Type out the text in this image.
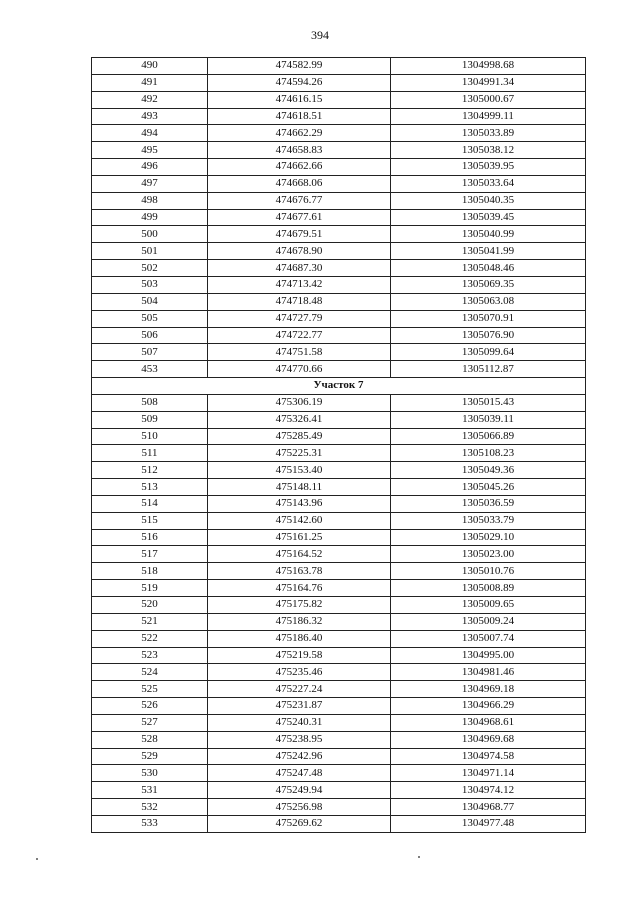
394
490	474582.99	1304998.68
491	474594.26	1304991.34
492	474616.15	1305000.67
493	474618.51	1304999.11
494	474662.29	1305033.89
495	474658.83	1305038.12
496	474662.66	1305039.95
497	474668.06	1305033.64
498	474676.77	1305040.35
499	474677.61	1305039.45
500	474679.51	1305040.99
501	474678.90	1305041.99
502	474687.30	1305048.46
503	474713.42	1305069.35
504	474718.48	1305063.08
505	474727.79	1305070.91
506	474722.77	1305076.90
507	474751.58	1305099.64
453	474770.66	1305112.87
Участок 7		
508	475306.19	1305015.43
509	475326.41	1305039.11
510	475285.49	1305066.89
511	475225.31	1305108.23
512	475153.40	1305049.36
513	475148.11	1305045.26
514	475143.96	1305036.59
515	475142.60	1305033.79
516	475161.25	1305029.10
517	475164.52	1305023.00
518	475163.78	1305010.76
519	475164.76	1305008.89
520	475175.82	1305009.65
521	475186.32	1305009.24
522	475186.40	1305007.74
523	475219.58	1304995.00
524	475235.46	1304981.46
525	475227.24	1304969.18
526	475231.87	1304966.29
527	475240.31	1304968.61
528	475238.95	1304969.68
529	475242.96	1304974.58
530	475247.48	1304971.14
531	475249.94	1304974.12
532	475256.98	1304968.77
533	475269.62	1304977.48
